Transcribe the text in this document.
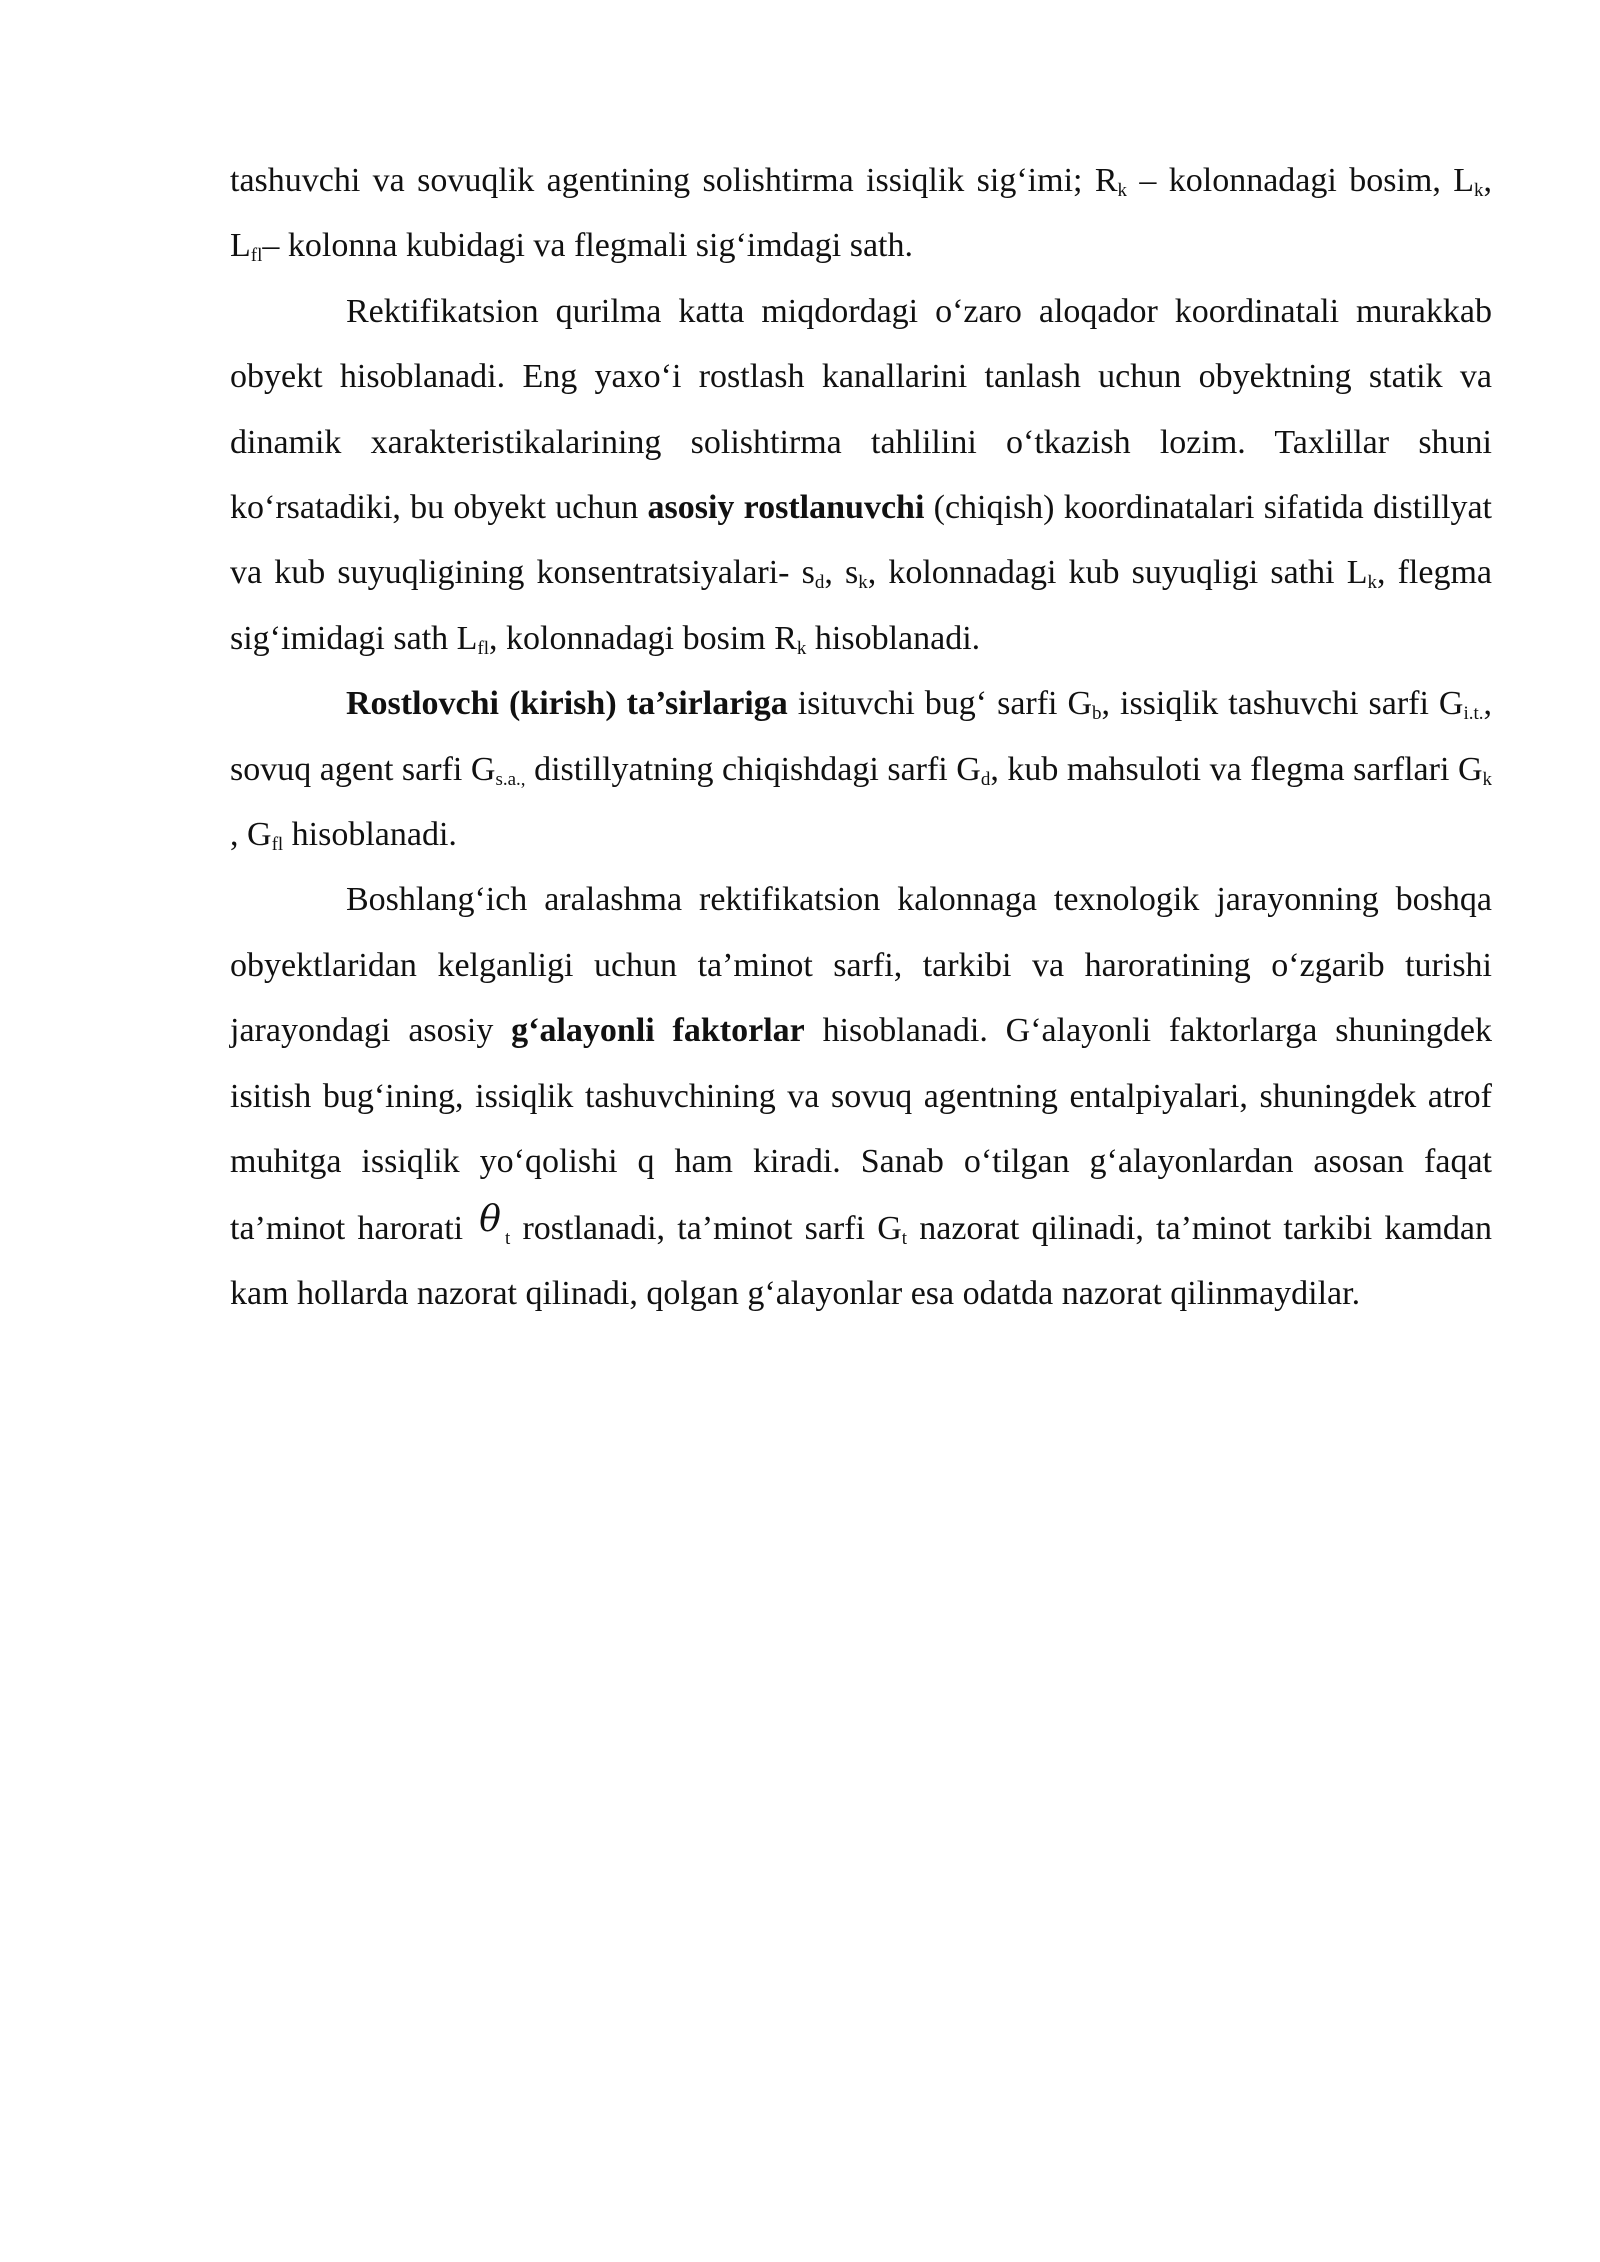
tashuvchi va sovuqlik agentining solishtirma issiqlik sig‘imi; $R_k$ – kolonnadagi bosim, $L_k$, $L_{fl}-$ kolonna kubidagi va flegmali sig‘imdagi sath.

Rektifikatsion qurilma katta miqdordagi o‘zaro aloqador koordinatali murakkab obyekt hisoblanadi. Eng yaxo‘i rostlash kanallarini tanlash uchun obyektning statik va dinamik xarakteristikalarining solishtirma tahlilini o‘tkazish lozim. Taxlillar shuni ko‘rsatadiki, bu obyekt uchun asosiy rostlanuvchi (chiqish) koordinatalari sifatida distillyat va kub suyuqligining konsentratsiyalari- $s_d$, $s_k$, kolonnadagi kub suyuqligi sathi $L_k$, flegma sig‘imidagi sath $L_{fl}$, kolonnadagi bosim $R_k$ hisoblanadi.

Rostlovchi (kirish) ta’sirlariga isituvchi bug‘ sarfi $G_b$, issiqlik tashuvchi sarfi $G_{i.t.}$, sovuq agent sarfi $G_{s.a.,}$ distillyatning chiqishdagi sarfi $G_d$, kub mahsuloti va flegma sarflari $G_k$ , $G_{fl}$ hisoblanadi.

Boshlang‘ich aralashma rektifikatsion kalonnaga texnologik jarayonning boshqa obyektlaridan kelganligi uchun ta’minot sarfi, tarkibi va haroratining o‘zgarib turishi jarayondagi asosiy g‘alayonli faktorlar hisoblanadi. G‘alayonli faktorlarga shuningdek isitish bug‘ining, issiqlik tashuvchining va sovuq agentning entalpiyalari, shuningdek atrof muhitga issiqlik yo‘qolishi q ham kiradi. Sanab o‘tilgan g‘alayonlardan asosan faqat ta’minot harorati θ $_t$ rostlanadi, ta’minot sarfi $G_t$ nazorat qilinadi, ta’minot tarkibi kamdan kam hollarda nazorat qilinadi, qolgan g‘alayonlar esa odatda nazorat qilinmaydilar.
